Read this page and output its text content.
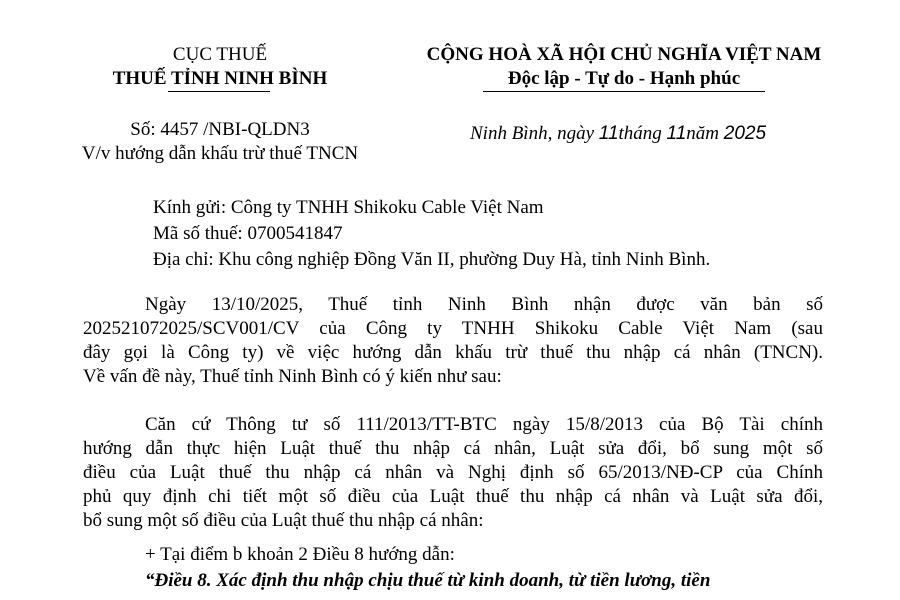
CỤC THUẾ
THUẾ TỈNH NINH BÌNH
CỘNG HOÀ XÃ HỘI CHỦ NGHĨA VIỆT NAM
Độc lập - Tự do - Hạnh phúc
Số: 4457 /NBI-QLDN3
V/v hướng dẫn khấu trừ thuế TNCN
Ninh Bình, ngày 11tháng 11năm 2025
Kính gửi: Công ty TNHH Shikoku Cable Việt Nam
Mã số thuế: 0700541847
Địa chỉ: Khu công nghiệp Đồng Văn II, phường Duy Hà, tỉnh Ninh Bình.
Ngày 13/10/2025, Thuế tỉnh Ninh Bình nhận được văn bản số
202521072025/SCV001/CV của Công ty TNHH Shikoku Cable Việt Nam (sau
đây gọi là Công ty) về việc hướng dẫn khấu trừ thuế thu nhập cá nhân (TNCN).
Về vấn đề này, Thuế tỉnh Ninh Bình có ý kiến như sau:
Căn cứ Thông tư số 111/2013/TT-BTC ngày 15/8/2013 của Bộ Tài chính
hướng dẫn thực hiện Luật thuế thu nhập cá nhân, Luật sửa đổi, bổ sung một số
điều của Luật thuế thu nhập cá nhân và Nghị định số 65/2013/NĐ-CP của Chính
phủ quy định chi tiết một số điều của Luật thuế thu nhập cá nhân và Luật sửa đổi,
bổ sung một số điều của Luật thuế thu nhập cá nhân:
+ Tại điểm b khoản 2 Điều 8 hướng dẫn:
“Điều 8. Xác định thu nhập chịu thuế từ kinh doanh, từ tiền lương, tiền
